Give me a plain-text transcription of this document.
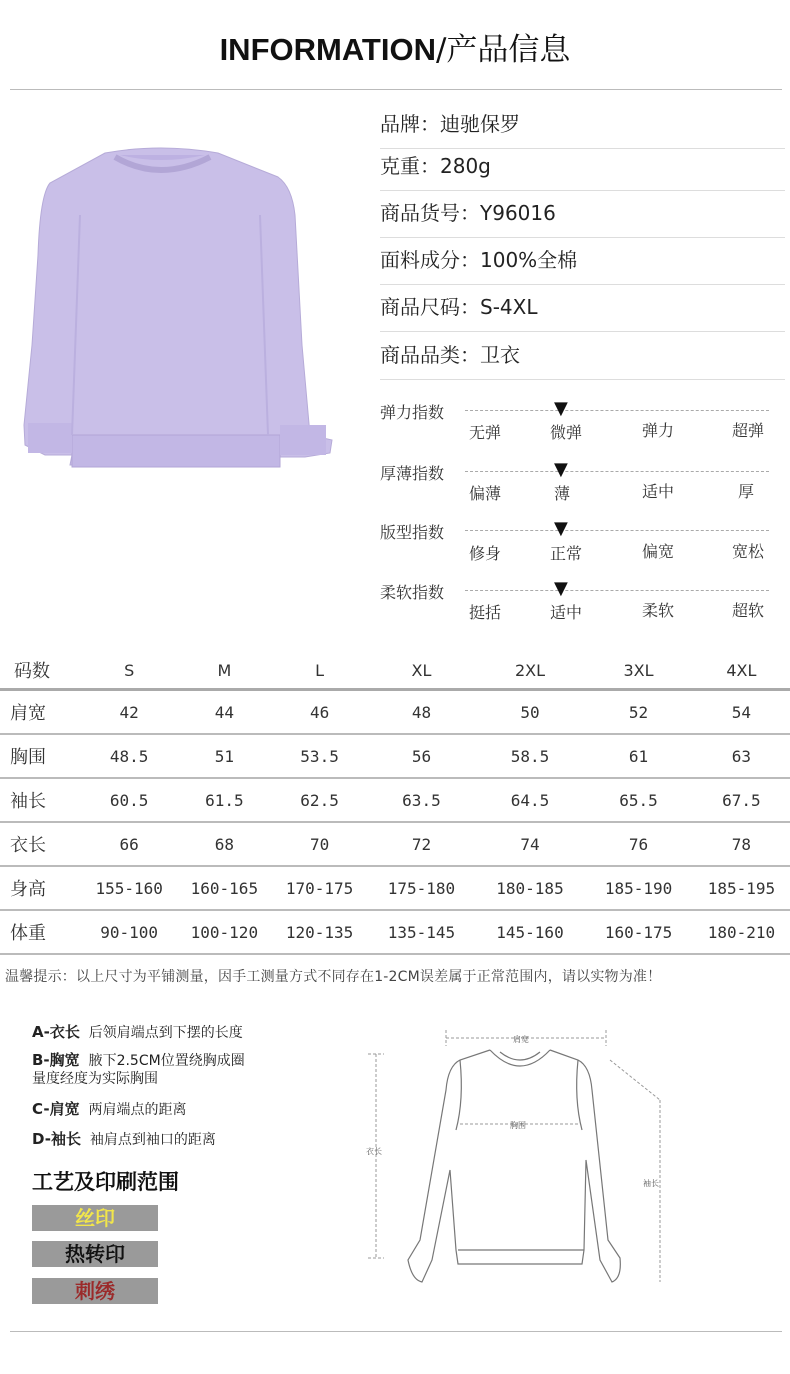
INFORMATION/产品信息
品牌：迪驰保罗
克重：280g
商品货号：Y96016
面料成分：100%全棉
商品尺码：S-4XL
商品品类：卫衣
弹力指数	▼
无弹	微弹	弹力	超弹
厚薄指数	▼
偏薄	薄	适中	厚
版型指数	▼
修身	正常	偏宽	宽松
柔软指数	▼
挺括	适中	柔软	超软
码数	S	M	L	XL	2XL	3XL	4XL
肩宽	42	44	46	48	50	52	54
胸围	48.5	51	53.5	56	58.5	61	63
袖长	60.5	61.5	62.5	63.5	64.5	65.5	67.5
衣长	66	68	70	72	74	76	78
身高	155-160	160-165	170-175	175-180	180-185	185-190	185-195
体重	90-100	100-120	120-135	135-145	145-160	160-175	180-210
温馨提示：以上尺寸为平铺测量，因手工测量方式不同存在1-2CM误差属于正常范围内，请以实物为准！
A-衣长 后领肩端点到下摆的长度
B-胸宽 腋下2.5CM位置绕胸成圈
量度经度为实际胸围
C-肩宽 两肩端点的距离
D-袖长 袖肩点到袖口的距离
工艺及印刷范围
丝印
热转印
刺绣
肩宽
胸围
衣长
袖长
